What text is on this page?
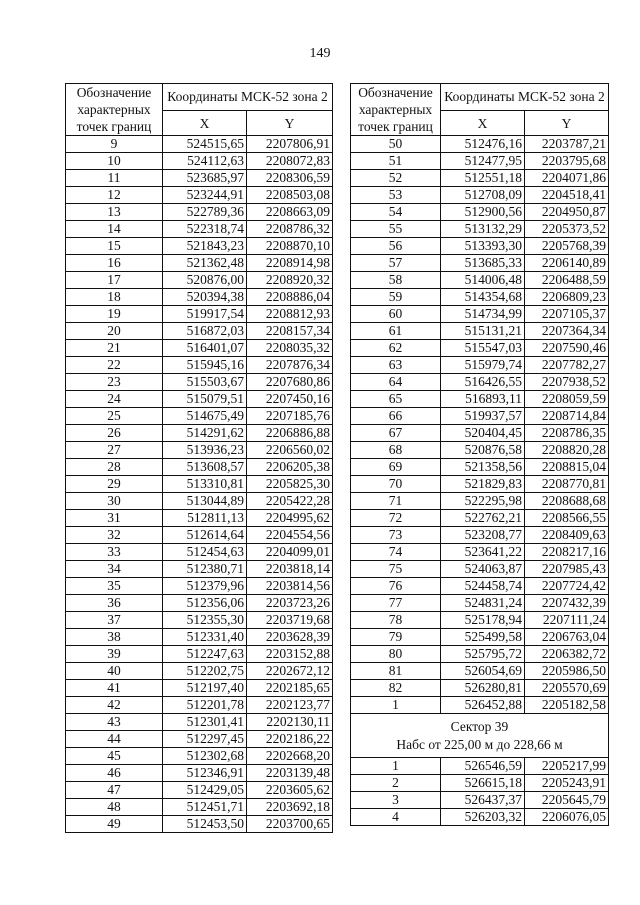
149
Обозначение характерных точек границ	Координаты МСК-52 зона 2	
	X	Y
9	524515,65	2207806,91
10	524112,63	2208072,83
11	523685,97	2208306,59
12	523244,91	2208503,08
13	522789,36	2208663,09
14	522318,74	2208786,32
15	521843,23	2208870,10
16	521362,48	2208914,98
17	520876,00	2208920,32
18	520394,38	2208886,04
19	519917,54	2208812,93
20	516872,03	2208157,34
21	516401,07	2208035,32
22	515945,16	2207876,34
23	515503,67	2207680,86
24	515079,51	2207450,16
25	514675,49	2207185,76
26	514291,62	2206886,88
27	513936,23	2206560,02
28	513608,57	2206205,38
29	513310,81	2205825,30
30	513044,89	2205422,28
31	512811,13	2204995,62
32	512614,64	2204554,56
33	512454,63	2204099,01
34	512380,71	2203818,14
35	512379,96	2203814,56
36	512356,06	2203723,26
37	512355,30	2203719,68
38	512331,40	2203628,39
39	512247,63	2203152,88
40	512202,75	2202672,12
41	512197,40	2202185,65
42	512201,78	2202123,77
43	512301,41	2202130,11
44	512297,45	2202186,22
45	512302,68	2202668,20
46	512346,91	2203139,48
47	512429,05	2203605,62
48	512451,71	2203692,18
49	512453,50	2203700,65
Обозначение характерных точек границ	Координаты МСК-52 зона 2	
	X	Y
50	512476,16	2203787,21
51	512477,95	2203795,68
52	512551,18	2204071,86
53	512708,09	2204518,41
54	512900,56	2204950,87
55	513132,29	2205373,52
56	513393,30	2205768,39
57	513685,33	2206140,89
58	514006,48	2206488,59
59	514354,68	2206809,23
60	514734,99	2207105,37
61	515131,21	2207364,34
62	515547,03	2207590,46
63	515979,74	2207782,27
64	516426,55	2207938,52
65	516893,11	2208059,59
66	519937,57	2208714,84
67	520404,45	2208786,35
68	520876,58	2208820,28
69	521358,56	2208815,04
70	521829,83	2208770,81
71	522295,98	2208688,68
72	522762,21	2208566,55
73	523208,77	2208409,63
74	523641,22	2208217,16
75	524063,87	2207985,43
76	524458,74	2207724,42
77	524831,24	2207432,39
78	525178,94	2207111,24
79	525499,58	2206763,04
80	525795,72	2206382,72
81	526054,69	2205986,50
82	526280,81	2205570,69
1	526452,88	2205182,58

Сектор 39
Набс от 225,00 м до 228,66 м		

1	526546,59	2205217,99
2	526615,18	2205243,91
3	526437,37	2205645,79
4	526203,32	2206076,05
